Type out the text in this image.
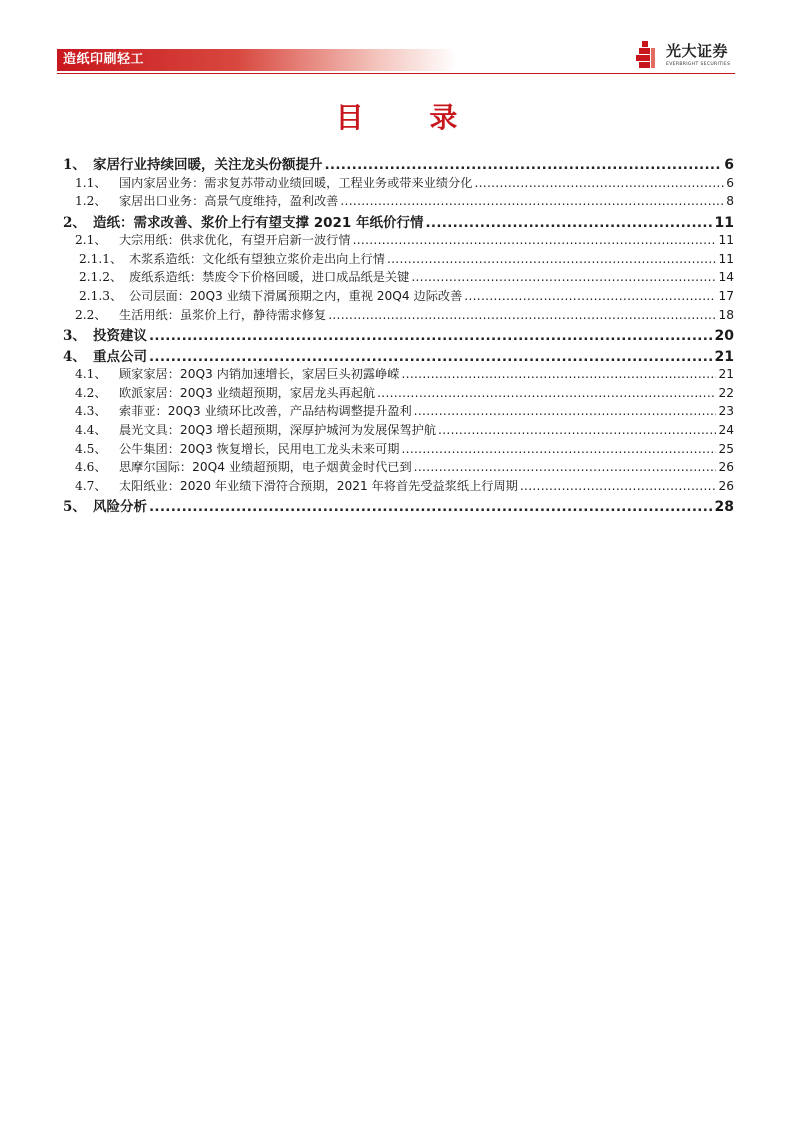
造纸印刷轻工	光大证券
EVERBRIGHT SECURITIES
目 录
1、 家居行业持续回暖，关注龙头份额提升 .....	6
1.1、	国内家居业务：需求复苏带动业绩回暖，工程业务或带来业绩分化 .....	6
1.2、	家居出口业务：高景气度维持，盈利改善 .....	8
2、 造纸：需求改善、浆价上行有望支撑 2021 年纸价行情 .....	11
2.1、	大宗用纸：供求优化，有望开启新一波行情 .....	11
2.1.1、 木浆系造纸：文化纸有望独立浆价走出向上行情 .....	11
2.1.2、 废纸系造纸：禁废令下价格回暖，进口成品纸是关键 .....	14
2.1.3、 公司层面：20Q3 业绩下滑属预期之内，重视 20Q4 边际改善 .....	17
2.2、	生活用纸：虽浆价上行，静待需求修复 .....	18
3、 投资建议 .....	20
4、 重点公司 .....	21
4.1、	顾家家居：20Q3 内销加速增长，家居巨头初露峥嵘 .....	21
4.2、	欧派家居：20Q3 业绩超预期，家居龙头再起航 .....	22
4.3、	索菲亚：20Q3 业绩环比改善，产品结构调整提升盈利 .....	23
4.4、	晨光文具：20Q3 增长超预期，深厚护城河为发展保驾护航 .....	24
4.5、	公牛集团：20Q3 恢复增长，民用电工龙头未来可期 .....	25
4.6、	思摩尔国际：20Q4 业绩超预期，电子烟黄金时代已到 .....	26
4.7、	太阳纸业：2020 年业绩下滑符合预期，2021 年将首先受益浆纸上行周期 .....	26
5、 风险分析 .....	28
